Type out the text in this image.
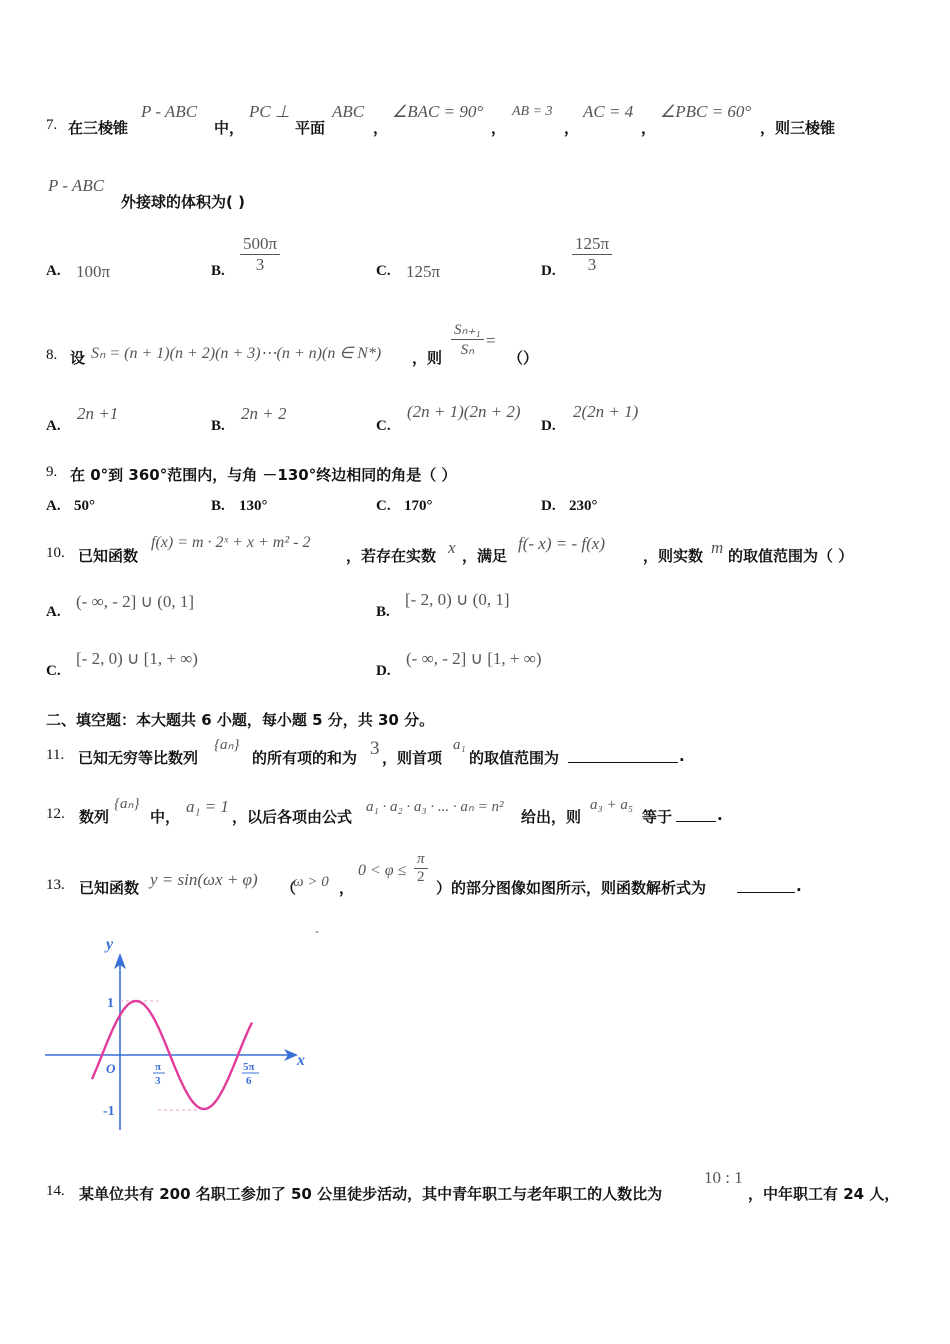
7. 在三棱锥
P - ABC
中，
PC ⊥
平面
ABC
，
∠BAC = 90°
，
AB = 3
，
AC = 4
，
∠PBC = 60°
，则三棱锥
P - ABC
外接球的体积为( )
A. 100π	B. $\frac{500\pi}{3}$	C. 125π	D. $\frac{125\pi}{3}$
8. 设 Sₙ = (n + 1)(n + 2)(n + 3)⋯(n + n)(n ∈ N*) ，则 $\frac{\text{Sₙ₊₁}}{\text{Sₙ}}$ =
（）
A.
2n +1
B.
2n + 2
C.
(2n + 1)(2n + 2)
D.
2(2n + 1)
9. 在 0°到 360°范围内，与角 －130°终边相同的角是（ ）
A. 50°	B. 130°	C. 170°	D. 230°
10. 已知函数
f(x) = m · 2ˣ + x + m² - 2
，若存在实数 x ，满足
f(- x) = - f(x)
，则实数 m 的取值范围为（ ）
A.
(- ∞, - 2] ∪ (0, 1]
B.
[- 2, 0) ∪ (0, 1]
C.
[- 2, 0) ∪ [1, + ∞)
D.
(- ∞, - 2] ∪ [1, + ∞)
二、填空题：本大题共 6 小题，每小题 5 分，共 30 分。
11. 已知无穷等比数列
{aₙ}
的所有项的和为 3 ，则首项
a₁
的取值范围为	.
12. 数列
{aₙ}
中，
a₁ = 1
，以后各项由公式
a₁ · a₂ · a₃ · ... · aₙ = n²
给出，则
a₃ + a₅
等于	.
13. 已知函数 y = sin(ωx + φ) （
ω > 0 ，
$0 < \varphi \le \frac{\pi}{2}$
）的部分图像如图所示，则函数解析式为	.
-
y
x
O
1
-1
π
3
5π
6
14. 某单位共有 200 名职工参加了 50 公里徒步活动，其中青年职工与老年职工的人数比为
10 : 1
，中年职工有 24 人，
